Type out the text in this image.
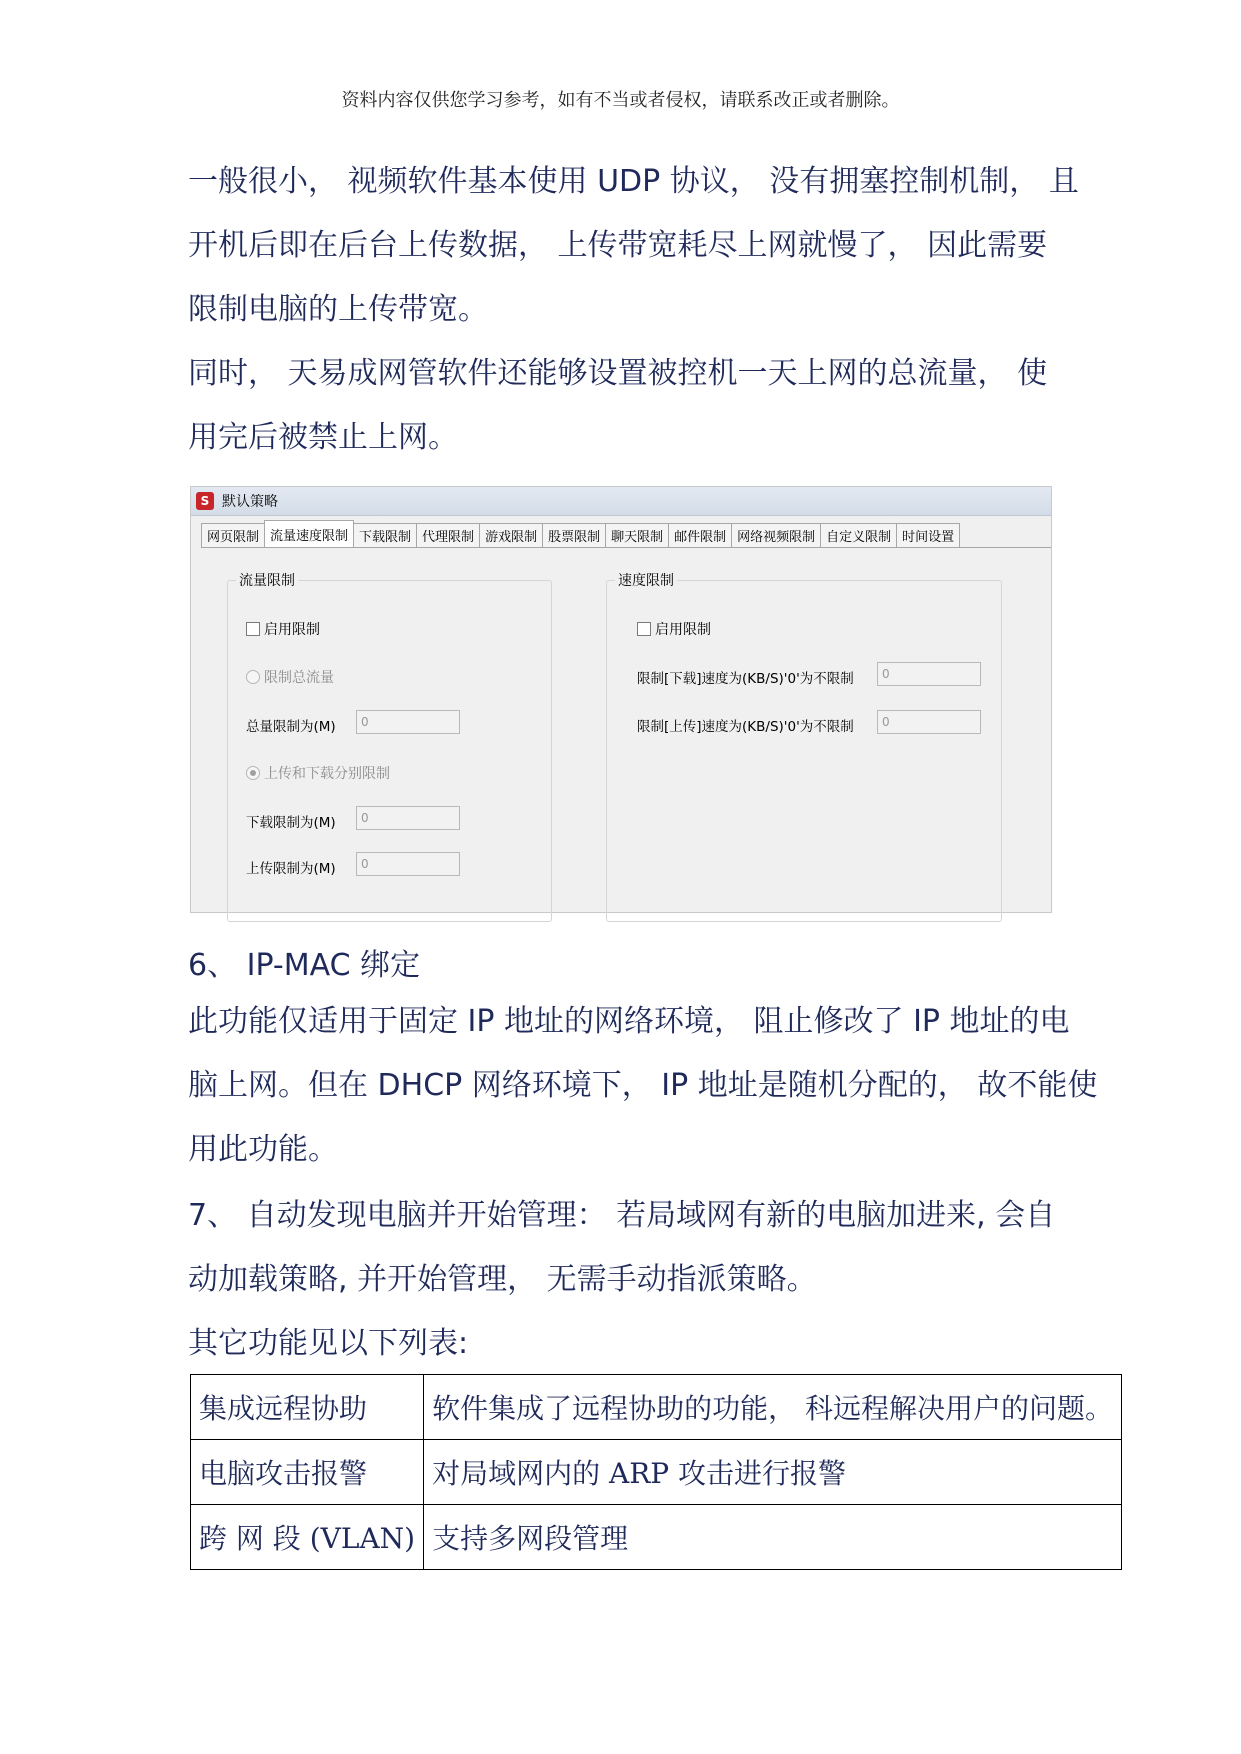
资料内容仅供您学习参考，如有不当或者侵权，请联系改正或者删除。
一般很小， 视频软件基本使用 UDP 协议， 没有拥塞控制机制， 且
开机后即在后台上传数据， 上传带宽耗尽上网就慢了， 因此需要
限制电脑的上传带宽。
同时， 天易成网管软件还能够设置被控机一天上网的总流量， 使
用完后被禁止上网。
S 默认策略
网页限制 流量速度限制 下载限制 代理限制 游戏限制 股票限制 聊天限制 邮件限制 网络视频限制 自定义限制 时间设置
流量限制
启用限制
限制总流量
总量限制为(M)	0
上传和下载分别限制
下载限制为(M)	0
上传限制为(M)	0
速度限制
启用限制
限制[下载]速度为(KB/S)'0'为不限制	0
限制[上传]速度为(KB/S)'0'为不限制	0
6、 IP-MAC 绑定
此功能仅适用于固定 IP 地址的网络环境， 阻止修改了 IP 地址的电
脑上网。但在 DHCP 网络环境下， IP 地址是随机分配的， 故不能使
用此功能。
7、 自动发现电脑并开始管理： 若局域网有新的电脑加进来, 会自
动加载策略, 并开始管理， 无需手动指派策略。
其它功能见以下列表:
集成远程协助	软件集成了远程协助的功能， 科远程解决用户的问题。
电脑攻击报警	对局域网内的 ARP 攻击进行报警
跨 网 段 (VLAN)	支持多网段管理
